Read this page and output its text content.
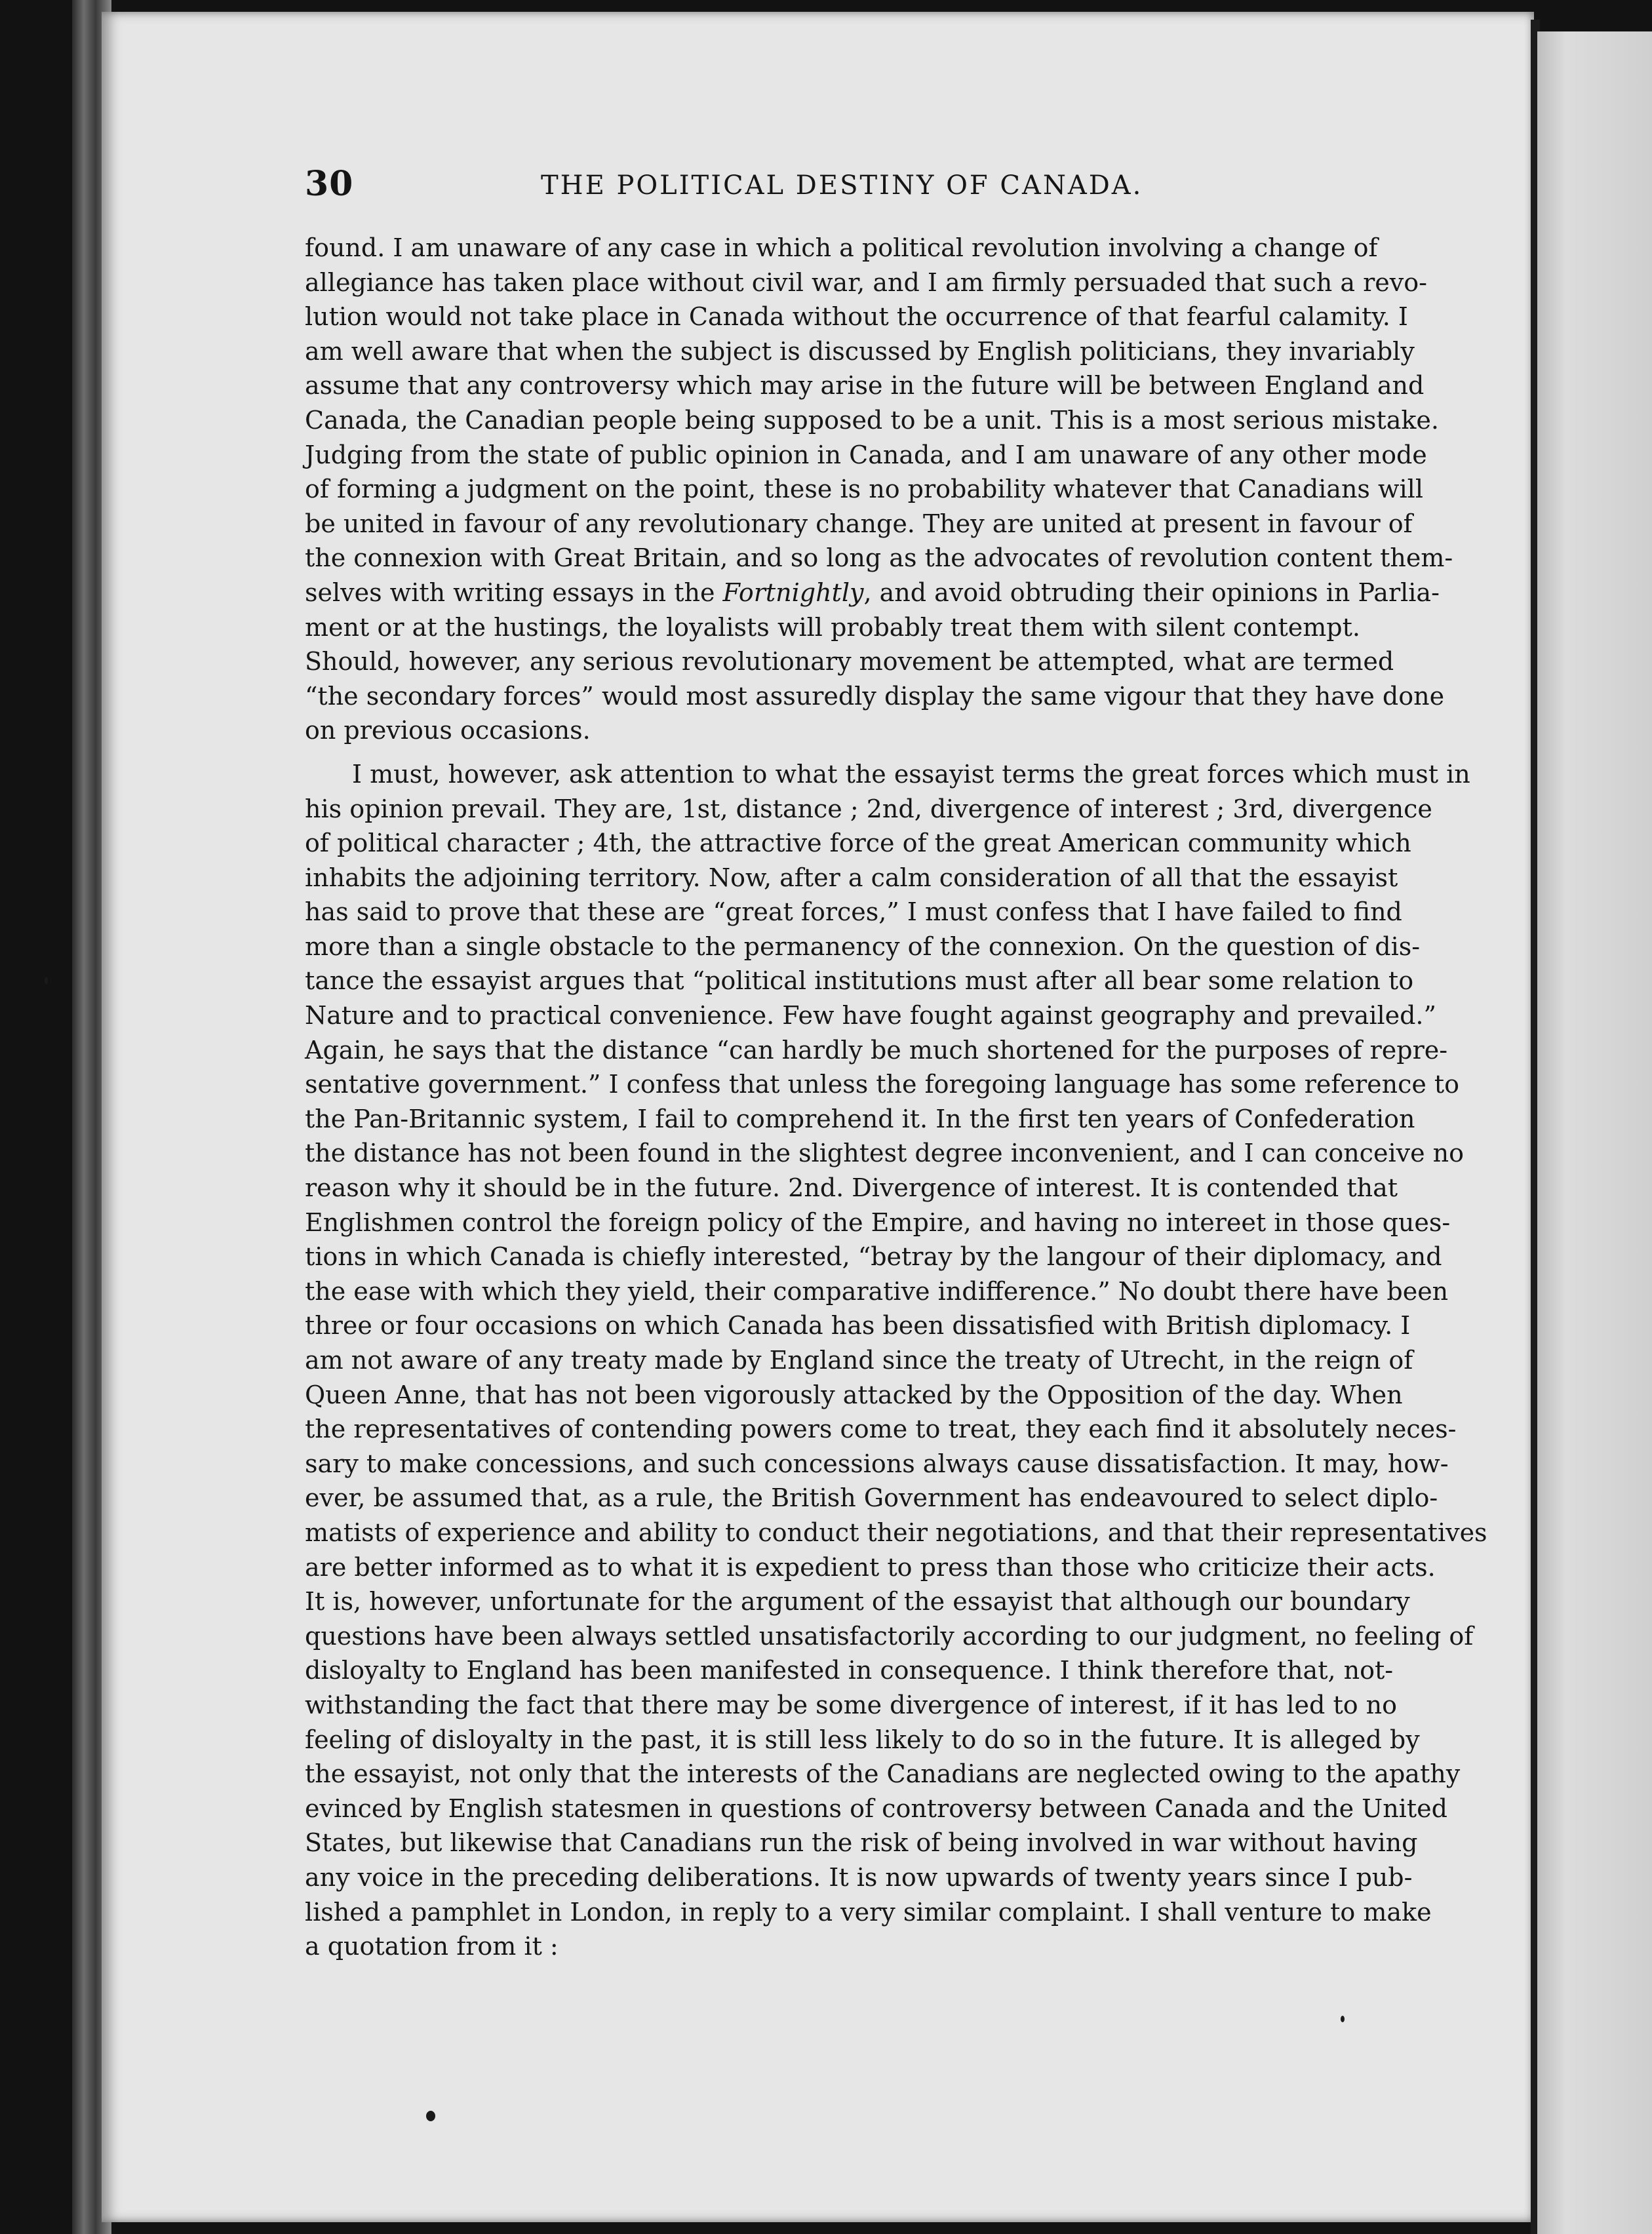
30	THE POLITICAL DESTINY OF CANADA.
found. I am unaware of any case in which a political revolution involving a change of
allegiance has taken place without civil war, and I am firmly persuaded that such a revo-
lution would not take place in Canada without the occurrence of that fearful calamity. I
am well aware that when the subject is discussed by English politicians, they invariably
assume that any controversy which may arise in the future will be between England and
Canada, the Canadian people being supposed to be a unit. This is a most serious mistake.
Judging from the state of public opinion in Canada, and I am unaware of any other mode
of forming a judgment on the point, these is no probability whatever that Canadians will
be united in favour of any revolutionary change. They are united at present in favour of
the connexion with Great Britain, and so long as the advocates of revolution content them-
selves with writing essays in the Fortnightly, and avoid obtruding their opinions in Parlia-
ment or at the hustings, the loyalists will probably treat them with silent contempt.
Should, however, any serious revolutionary movement be attempted, what are termed
“the secondary forces” would most assuredly display the same vigour that they have done
on previous occasions.
I must, however, ask attention to what the essayist terms the great forces which must in
his opinion prevail. They are, 1st, distance ; 2nd, divergence of interest ; 3rd, divergence
of political character ; 4th, the attractive force of the great American community which
inhabits the adjoining territory. Now, after a calm consideration of all that the essayist
has said to prove that these are “great forces,” I must confess that I have failed to find
more than a single obstacle to the permanency of the connexion. On the question of dis-
tance the essayist argues that “political institutions must after all bear some relation to
Nature and to practical convenience. Few have fought against geography and prevailed.”
Again, he says that the distance “can hardly be much shortened for the purposes of repre-
sentative government.” I confess that unless the foregoing language has some reference to
the Pan-Britannic system, I fail to comprehend it. In the first ten years of Confederation
the distance has not been found in the slightest degree inconvenient, and I can conceive no
reason why it should be in the future. 2nd. Divergence of interest. It is contended that
Englishmen control the foreign policy of the Empire, and having no intereet in those ques-
tions in which Canada is chiefly interested, “betray by the langour of their diplomacy, and
the ease with which they yield, their comparative indifference.” No doubt there have been
three or four occasions on which Canada has been dissatisfied with British diplomacy. I
am not aware of any treaty made by England since the treaty of Utrecht, in the reign of
Queen Anne, that has not been vigorously attacked by the Opposition of the day. When
the representatives of contending powers come to treat, they each find it absolutely neces-
sary to make concessions, and such concessions always cause dissatisfaction. It may, how-
ever, be assumed that, as a rule, the British Government has endeavoured to select diplo-
matists of experience and ability to conduct their negotiations, and that their representatives
are better informed as to what it is expedient to press than those who criticize their acts.
It is, however, unfortunate for the argument of the essayist that although our boundary
questions have been always settled unsatisfactorily according to our judgment, no feeling of
disloyalty to England has been manifested in consequence. I think therefore that, not-
withstanding the fact that there may be some divergence of interest, if it has led to no
feeling of disloyalty in the past, it is still less likely to do so in the future. It is alleged by
the essayist, not only that the interests of the Canadians are neglected owing to the apathy
evinced by English statesmen in questions of controversy between Canada and the United
States, but likewise that Canadians run the risk of being involved in war without having
any voice in the preceding deliberations. It is now upwards of twenty years since I pub-
lished a pamphlet in London, in reply to a very similar complaint. I shall venture to make
a quotation from it :
